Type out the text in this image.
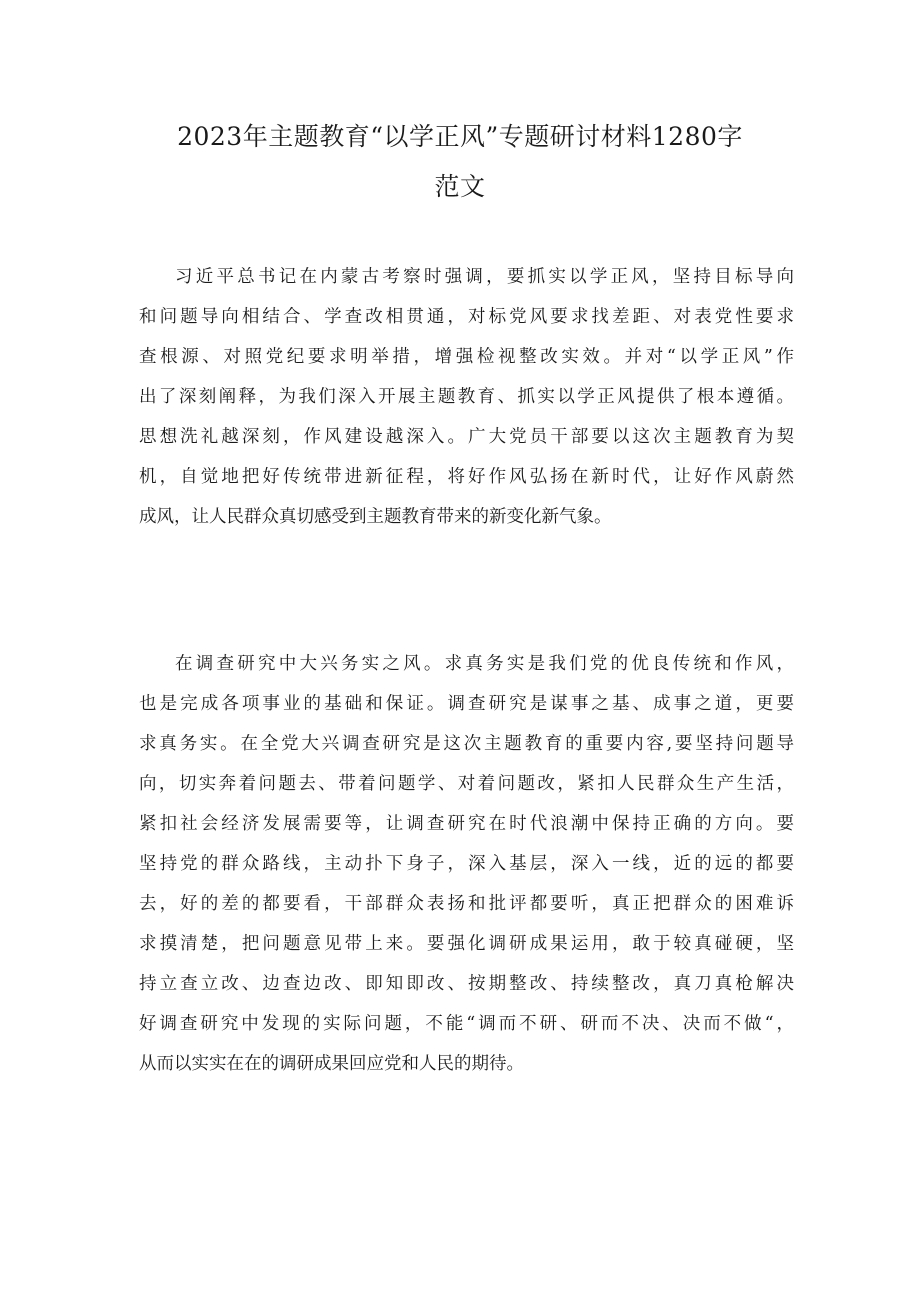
2023年主题教育“以学正风”专题研讨材料1280字
范文
习近平总书记在内蒙古考察时强调，要抓实以学正风，坚持目标导向
和问题导向相结合、学查改相贯通，对标党风要求找差距、对表党性要求
查根源、对照党纪要求明举措，增强检视整改实效。并对“以学正风”作
出了深刻阐释，为我们深入开展主题教育、抓实以学正风提供了根本遵循。
思想洗礼越深刻，作风建设越深入。广大党员干部要以这次主题教育为契
机，自觉地把好传统带进新征程，将好作风弘扬在新时代，让好作风蔚然
成风，让人民群众真切感受到主题教育带来的新变化新气象。
在调查研究中大兴务实之风。求真务实是我们党的优良传统和作风，
也是完成各项事业的基础和保证。调查研究是谋事之基、成事之道，更要
求真务实。在全党大兴调查研究是这次主题教育的重要内容,要坚持问题导
向，切实奔着问题去、带着问题学、对着问题改，紧扣人民群众生产生活，
紧扣社会经济发展需要等，让调查研究在时代浪潮中保持正确的方向。要
坚持党的群众路线，主动扑下身子，深入基层，深入一线，近的远的都要
去，好的差的都要看，干部群众表扬和批评都要听，真正把群众的困难诉
求摸清楚，把问题意见带上来。要强化调研成果运用，敢于较真碰硬，坚
持立查立改、边查边改、即知即改、按期整改、持续整改，真刀真枪解决
好调查研究中发现的实际问题，不能“调而不研、研而不决、决而不做“，
从而以实实在在的调研成果回应党和人民的期待。
